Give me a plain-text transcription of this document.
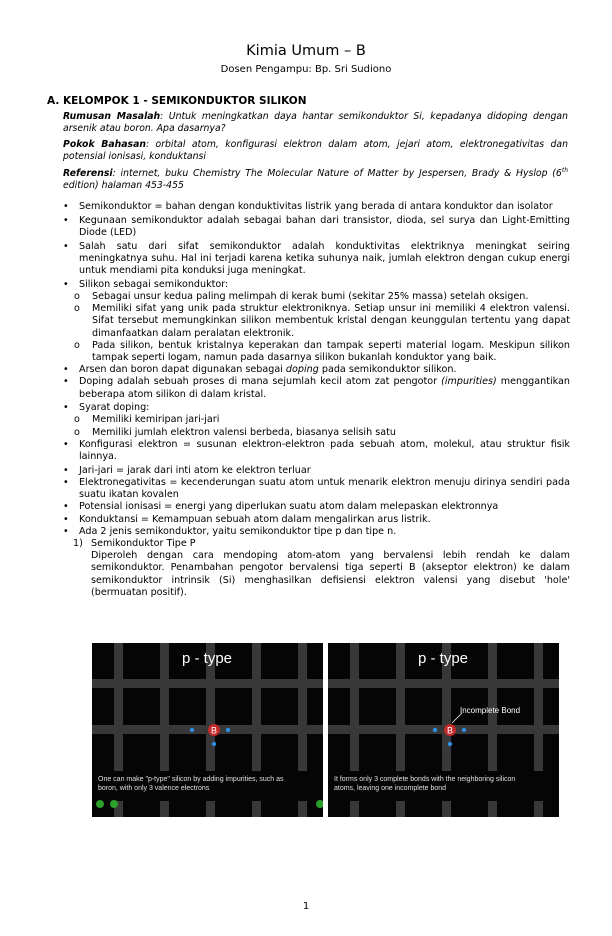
Kimia Umum – B
Dosen Pengampu: Bp. Sri Sudiono
A. KELOMPOK 1 - SEMIKONDUKTOR SILIKON
Rumusan Masalah: Untuk meningkatkan daya hantar semikonduktor Si, kepadanya didoping dengan arsenik atau boron. Apa dasarnya?
Pokok Bahasan: orbital atom, konfigurasi elektron dalam atom, jejari atom, elektronegativitas dan potensial ionisasi, konduktansi
Referensi: internet, buku Chemistry The Molecular Nature of Matter by Jespersen, Brady & Hyslop (6th edition) halaman 453-455
•	Semikonduktor = bahan dengan konduktivitas listrik yang berada di antara konduktor dan isolator
•	Kegunaan semikonduktor adalah sebagai bahan dari transistor, dioda, sel surya dan Light-Emitting Diode (LED)
•	Salah satu dari sifat semikonduktor adalah konduktivitas elektriknya meningkat seiring meningkatnya suhu. Hal ini terjadi karena ketika suhunya naik, jumlah elektron dengan cukup energi untuk mendiami pita konduksi juga meningkat.
•	Silikon sebagai semikonduktor:
o	Sebagai unsur kedua paling melimpah di kerak bumi (sekitar 25% massa) setelah oksigen.
o	Memiliki sifat yang unik pada struktur elektroniknya. Setiap unsur ini memiliki 4 elektron valensi. Sifat tersebut memungkinkan silikon membentuk kristal dengan keunggulan tertentu yang dapat dimanfaatkan dalam peralatan elektronik.
o	Pada silikon, bentuk kristalnya keperakan dan tampak seperti material logam. Meskipun silikon tampak seperti logam, namun pada dasarnya silikon bukanlah konduktor yang baik.
•	Arsen dan boron dapat digunakan sebagai doping pada semikonduktor silikon.
•	Doping adalah sebuah proses di mana sejumlah kecil atom zat pengotor (impurities) menggantikan beberapa atom silikon di dalam kristal.
•	Syarat doping:
o	Memiliki kemiripan jari-jari
o	Memiliki jumlah elektron valensi berbeda, biasanya selisih satu
•	Konfigurasi elektron = susunan elektron-elektron pada sebuah atom, molekul, atau struktur fisik lainnya.
•	Jari-jari = jarak dari inti atom ke elektron terluar
•	Elektronegativitas = kecenderungan suatu atom untuk menarik elektron menuju dirinya sendiri pada suatu ikatan kovalen
•	Potensial ionisasi = energi yang diperlukan suatu atom dalam melepaskan elektronnya
•	Konduktansi = Kemampuan sebuah atom dalam mengalirkan arus listrik.
•	Ada 2 jenis semikonduktor, yaitu semikonduktor tipe p dan tipe n.
1) Semikonduktor Tipe P
Diperoleh dengan cara mendoping atom-atom yang bervalensi lebih rendah ke dalam semikonduktor. Penambahan pengotor bervalensi tiga seperti B (akseptor elektron) ke dalam semikonduktor intrinsik (Si) menghasilkan defisiensi elektron valensi yang disebut 'hole' (bermuatan positif).
p - type
B
One can make "p-type" silicon by adding impurities, such as
boron, with only 3 valence electrons
p - type
Incomplete Bond
B
It forms only 3 complete bonds with the neighboring silicon
atoms, leaving one incomplete bond
1
